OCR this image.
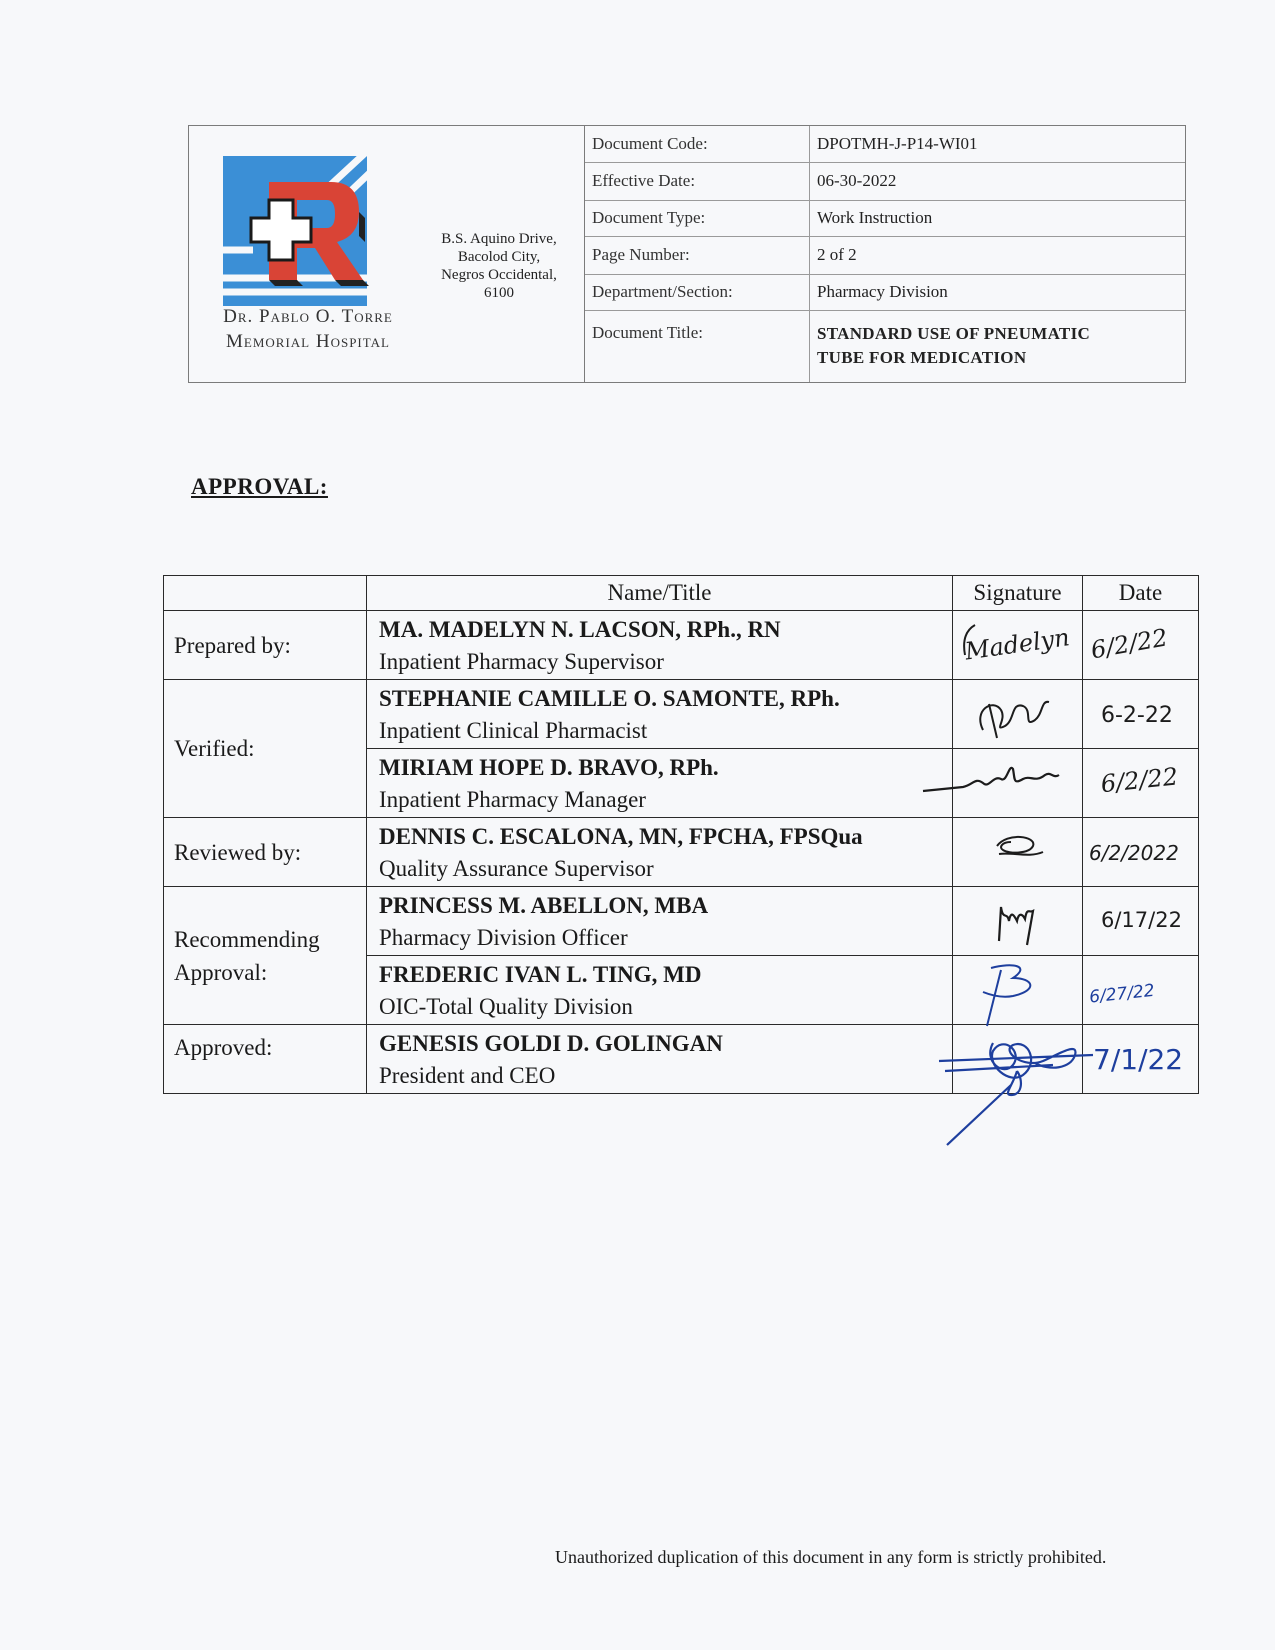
Dr. Pablo O. Torre
Memorial Hospital
B.S. Aquino Drive,
Bacolod City,
Negros Occidental,
6100
Document Code:	DPOTMH-J-P14-WI01
Effective Date:	06-30-2022
Document Type:	Work Instruction
Page Number:	2 of 2
Department/Section:	Pharmacy Division
Document Title:	STANDARD USE OF PNEUMATIC
TUBE FOR MEDICATION
APPROVAL:
	Name/Title	Signature	Date
Prepared by:	MA. MADELYN N. LACSON, RPh., RN
Inpatient Pharmacy Supervisor	Madelyn	6/2/22

Verified:	STEPHANIE CAMILLE O. SAMONTE, RPh.
Inpatient Clinical Pharmacist		6-2-22

	MIRIAM HOPE D. BRAVO, RPh.
Inpatient Pharmacy Manager		6/2/22

Reviewed by:	DENNIS C. ESCALONA, MN, FPCHA, FPSQua
Quality Assurance Supervisor		6/2/2022

Recommending
Approval:	PRINCESS M. ABELLON, MBA
Pharmacy Division Officer		6/17/22

	FREDERIC IVAN L. TING, MD
OIC-Total Quality Division		6/27/22

Approved:	GENESIS GOLDI D. GOLINGAN
President and CEO		7/1/22
Unauthorized duplication of this document in any form is strictly prohibited.
